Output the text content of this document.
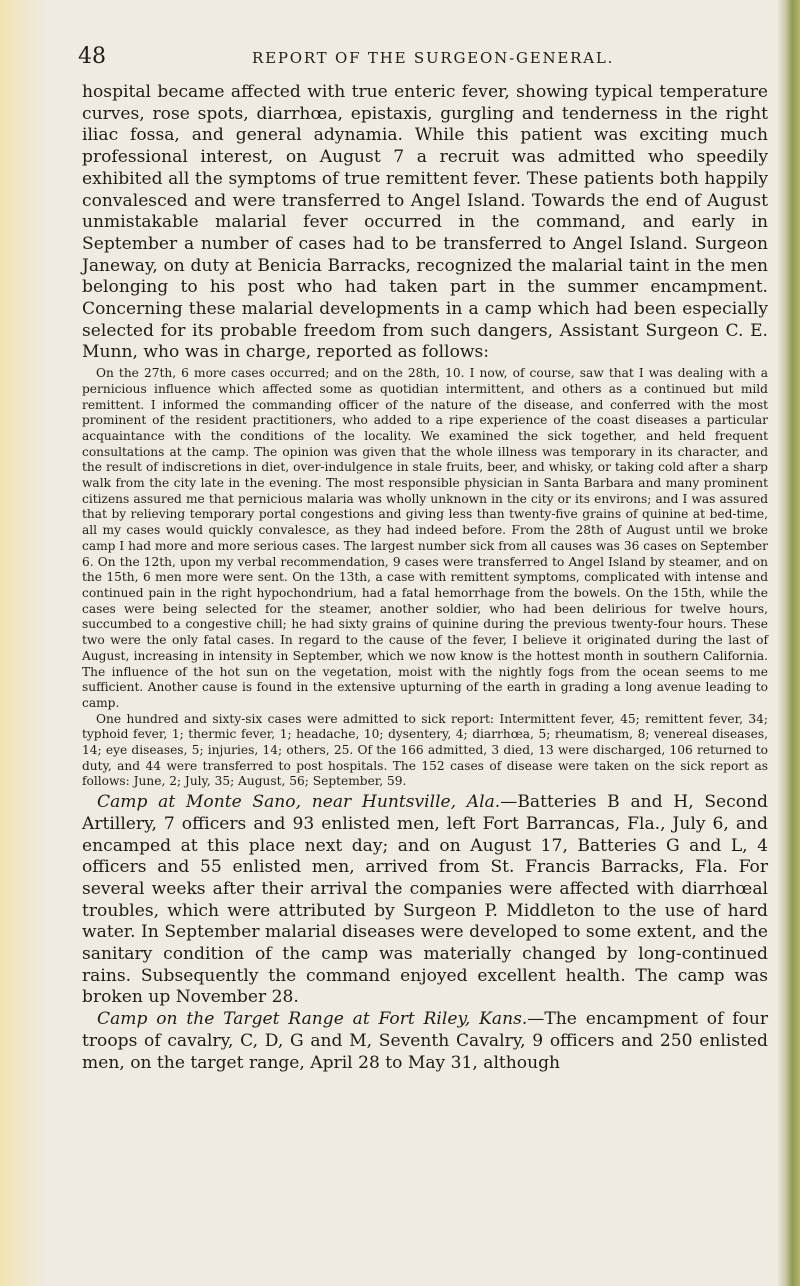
48	REPORT OF THE SURGEON-GENERAL.

hospital became affected with true enteric fever, showing typical temperature curves, rose spots, diarrhœa, epistaxis, gurgling and tenderness in the right iliac fossa, and general adynamia. While this patient was exciting much professional interest, on August 7 a recruit was admitted who speedily exhibited all the symptoms of true remittent fever. These patients both happily convalesced and were transferred to Angel Island. Towards the end of August unmistakable malarial fever occurred in the command, and early in September a number of cases had to be transferred to Angel Island. Surgeon Janeway, on duty at Benicia Barracks, recognized the malarial taint in the men belonging to his post who had taken part in the summer encampment. Concerning these malarial developments in a camp which had been especially selected for its probable freedom from such dangers, Assistant Surgeon C. E. Munn, who was in charge, reported as follows:

On the 27th, 6 more cases occurred; and on the 28th, 10. I now, of course, saw that I was dealing with a pernicious influence which affected some as quotidian intermittent, and others as a continued but mild remittent. I informed the commanding officer of the nature of the disease, and conferred with the most prominent of the resident practitioners, who added to a ripe experience of the coast diseases a particular acquaintance with the conditions of the locality. We examined the sick together, and held frequent consultations at the camp. The opinion was given that the whole illness was temporary in its character, and the result of indiscretions in diet, over-indulgence in stale fruits, beer, and whisky, or taking cold after a sharp walk from the city late in the evening. The most responsible physician in Santa Barbara and many prominent citizens assured me that pernicious malaria was wholly unknown in the city or its environs; and I was assured that by relieving temporary portal congestions and giving less than twenty-five grains of quinine at bed-time, all my cases would quickly convalesce, as they had indeed before. From the 28th of August until we broke camp I had more and more serious cases. The largest number sick from all causes was 36 cases on September 6. On the 12th, upon my verbal recommendation, 9 cases were transferred to Angel Island by steamer, and on the 15th, 6 men more were sent. On the 13th, a case with remittent symptoms, complicated with intense and continued pain in the right hypochondrium, had a fatal hemorrhage from the bowels. On the 15th, while the cases were being selected for the steamer, another soldier, who had been delirious for twelve hours, succumbed to a congestive chill; he had sixty grains of quinine during the previous twenty-four hours. These two were the only fatal cases. In regard to the cause of the fever, I believe it originated during the last of August, increasing in intensity in September, which we now know is the hottest month in southern California. The influence of the hot sun on the vegetation, moist with the nightly fogs from the ocean seems to me sufficient. Another cause is found in the extensive upturning of the earth in grading a long avenue leading to camp.

One hundred and sixty-six cases were admitted to sick report: Intermittent fever, 45; remittent fever, 34; typhoid fever, 1; thermic fever, 1; headache, 10; dysentery, 4; diarrhœa, 5; rheumatism, 8; venereal diseases, 14; eye diseases, 5; injuries, 14; others, 25. Of the 166 admitted, 3 died, 13 were discharged, 106 returned to duty, and 44 were transferred to post hospitals. The 152 cases of disease were taken on the sick report as follows: June, 2; July, 35; August, 56; September, 59.

Camp at Monte Sano, near Huntsville, Ala.—Batteries B and H, Second Artillery, 7 officers and 93 enlisted men, left Fort Barrancas, Fla., July 6, and encamped at this place next day; and on August 17, Batteries G and L, 4 officers and 55 enlisted men, arrived from St. Francis Barracks, Fla. For several weeks after their arrival the companies were affected with diarrhœal troubles, which were attributed by Surgeon P. Middleton to the use of hard water. In September malarial diseases were developed to some extent, and the sanitary condition of the camp was materially changed by long-continued rains. Subsequently the command enjoyed excellent health. The camp was broken up November 28.

Camp on the Target Range at Fort Riley, Kans.—The encampment of four troops of cavalry, C, D, G and M, Seventh Cavalry, 9 officers and 250 enlisted men, on the target range, April 28 to May 31, although
